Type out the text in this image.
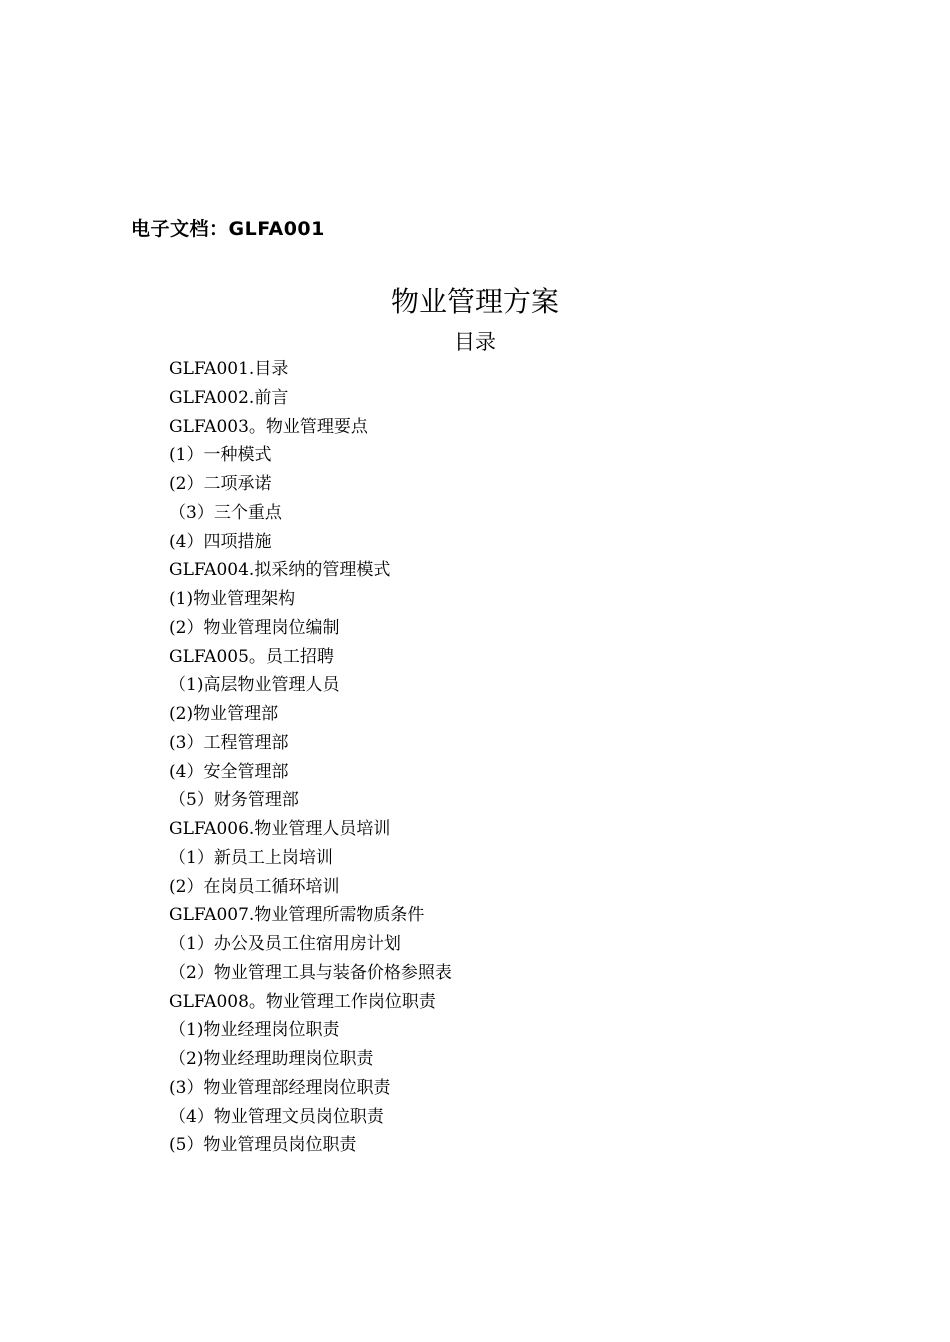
电子文档：GLFA001
物业管理方案
目录
GLFA001.目录
GLFA002.前言
GLFA003。物业管理要点
(1）一种模式
(2）二项承诺
（3）三个重点
(4）四项措施
GLFA004.拟采纳的管理模式
(1)物业管理架构
(2）物业管理岗位编制
GLFA005。员工招聘
（1)高层物业管理人员
(2)物业管理部
(3）工程管理部
(4）安全管理部
（5）财务管理部
GLFA006.物业管理人员培训
（1）新员工上岗培训
(2）在岗员工循环培训
GLFA007.物业管理所需物质条件
（1）办公及员工住宿用房计划
（2）物业管理工具与装备价格参照表
GLFA008。物业管理工作岗位职责
（1)物业经理岗位职责
（2)物业经理助理岗位职责
(3）物业管理部经理岗位职责
（4）物业管理文员岗位职责
(5）物业管理员岗位职责
